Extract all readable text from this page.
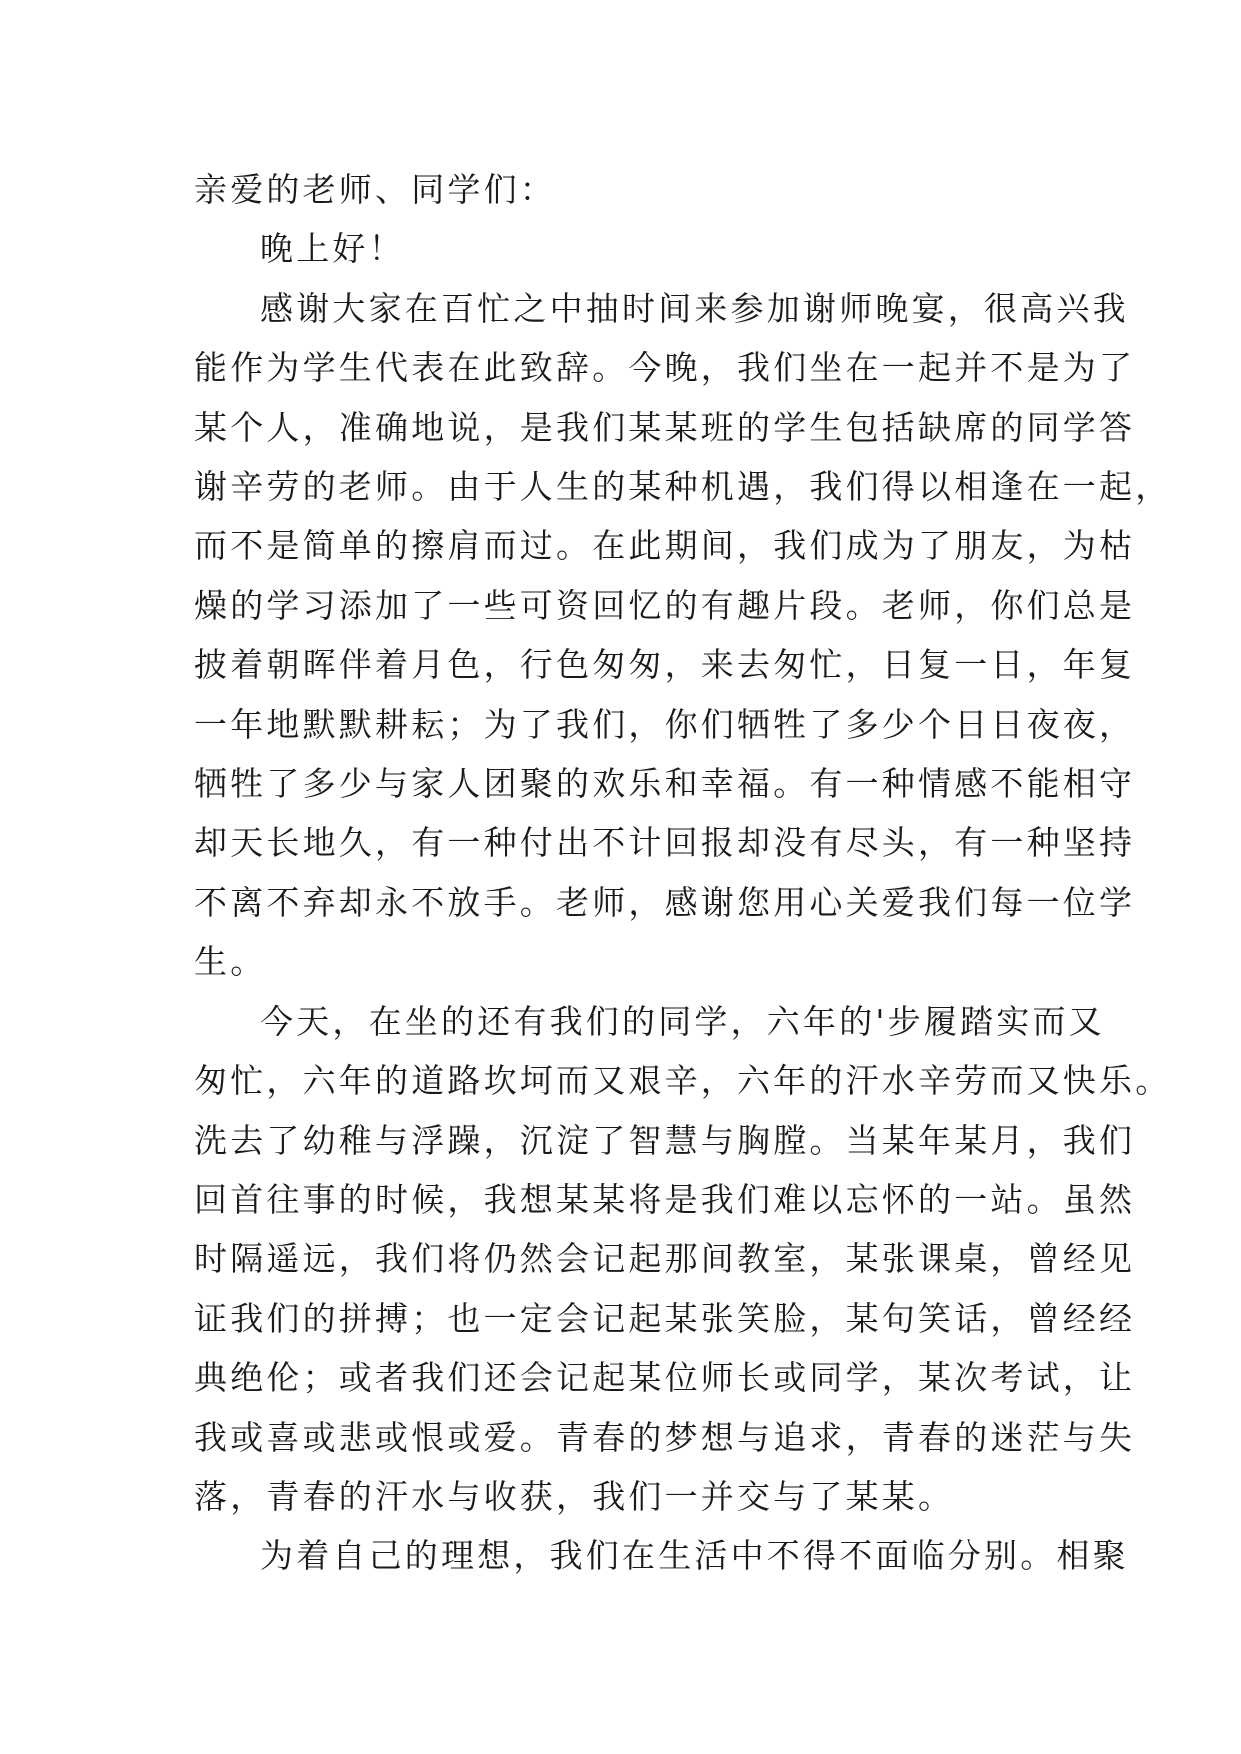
亲爱的老师、同学们：
晚上好！
感谢大家在百忙之中抽时间来参加谢师晚宴，很高兴我
能作为学生代表在此致辞。今晚，我们坐在一起并不是为了
某个人，准确地说，是我们某某班的学生包括缺席的同学答
谢辛劳的老师。由于人生的某种机遇，我们得以相逢在一起，
而不是简单的擦肩而过。在此期间，我们成为了朋友，为枯
燥的学习添加了一些可资回忆的有趣片段。老师，你们总是
披着朝晖伴着月色，行色匆匆，来去匆忙，日复一日，年复
一年地默默耕耘；为了我们，你们牺牲了多少个日日夜夜，
牺牲了多少与家人团聚的欢乐和幸福。有一种情感不能相守
却天长地久，有一种付出不计回报却没有尽头，有一种坚持
不离不弃却永不放手。老师，感谢您用心关爱我们每一位学
生。
今天，在坐的还有我们的同学，六年的'步履踏实而又
匆忙，六年的道路坎坷而又艰辛，六年的汗水辛劳而又快乐。
洗去了幼稚与浮躁，沉淀了智慧与胸膛。当某年某月，我们
回首往事的时候，我想某某将是我们难以忘怀的一站。虽然
时隔遥远，我们将仍然会记起那间教室，某张课桌，曾经见
证我们的拼搏；也一定会记起某张笑脸，某句笑话，曾经经
典绝伦；或者我们还会记起某位师长或同学，某次考试，让
我或喜或悲或恨或爱。青春的梦想与追求，青春的迷茫与失
落，青春的汗水与收获，我们一并交与了某某。
为着自己的理想，我们在生活中不得不面临分别。相聚
